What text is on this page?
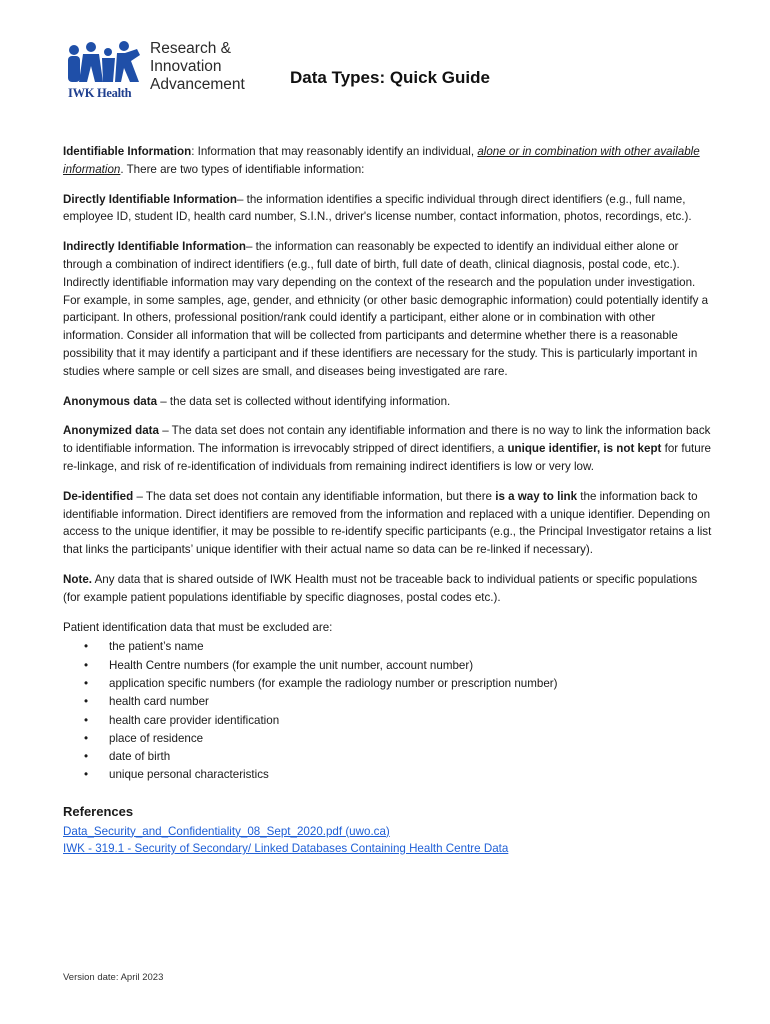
IWK Health
Research &
Innovation
Advancement	Data Types: Quick Guide

Identifiable Information: Information that may reasonably identify an individual, alone or in combination with other available information. There are two types of identifiable information:

Directly Identifiable Information– the information identifies a specific individual through direct identifiers (e.g., full name, employee ID, student ID, health card number, S.I.N., driver's license number, contact information, photos, recordings, etc.).

Indirectly Identifiable Information– the information can reasonably be expected to identify an individual either alone or through a combination of indirect identifiers (e.g., full date of birth, full date of death, clinical diagnosis, postal code, etc.). Indirectly identifiable information may vary depending on the context of the research and the population under investigation. For example, in some samples, age, gender, and ethnicity (or other basic demographic information) could potentially identify a participant. In others, professional position/rank could identify a participant, either alone or in combination with other information. Consider all information that will be collected from participants and determine whether there is a reasonable possibility that it may identify a participant and if these identifiers are necessary for the study. This is particularly important in studies where sample or cell sizes are small, and diseases being investigated are rare.

Anonymous data – the data set is collected without identifying information.

Anonymized data – The data set does not contain any identifiable information and there is no way to link the information back to identifiable information. The information is irrevocably stripped of direct identifiers, a unique identifier, is not kept for future re-linkage, and risk of re-identification of individuals from remaining indirect identifiers is low or very low.

De-identified – The data set does not contain any identifiable information, but there is a way to link the information back to identifiable information. Direct identifiers are removed from the information and replaced with a unique identifier. Depending on access to the unique identifier, it may be possible to re-identify specific participants (e.g., the Principal Investigator retains a list that links the participants’ unique identifier with their actual name so data can be re-linked if necessary).

Note. Any data that is shared outside of IWK Health must not be traceable back to individual patients or specific populations (for example patient populations identifiable by specific diagnoses, postal codes etc.).

Patient identification data that must be excluded are:

• the patient’s name
• Health Centre numbers (for example the unit number, account number)
• application specific numbers (for example the radiology number or prescription number)
• health card number
• health care provider identification
• place of residence
• date of birth
• unique personal characteristics
References
Data_Security_and_Confidentiality_08_Sept_2020.pdf (uwo.ca)
IWK - 319.1 - Security of Secondary/ Linked Databases Containing Health Centre Data
Version date: April 2023
